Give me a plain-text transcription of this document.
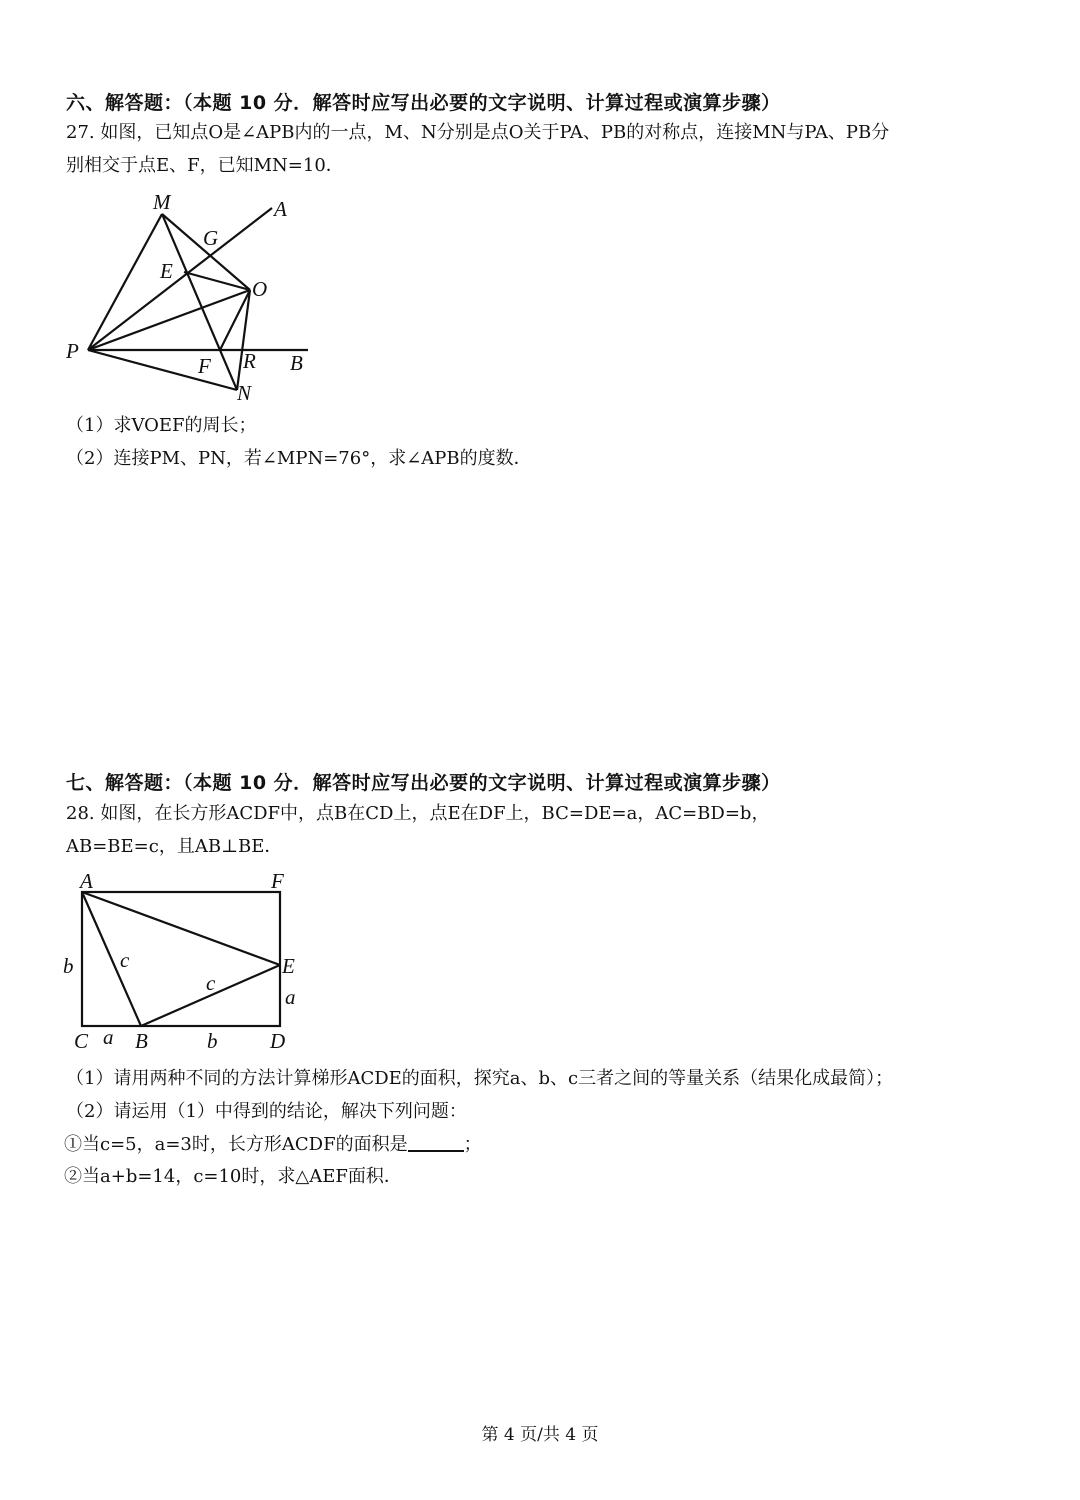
六、解答题：（本题 10 分．解答时应写出必要的文字说明、计算过程或演算步骤）
27. 如图，已知点O是∠APB内的一点，M、N分别是点O关于PA、PB的对称点，连接MN与PA、PB分
别相交于点E、F，已知MN=10．
M	A
G
E
O
P
F R B
N
（1）求VOEF的周长；
（2）连接PM、PN，若∠MPN=76°，求∠APB的度数．
七、解答题：（本题 10 分．解答时应写出必要的文字说明、计算过程或演算步骤）
28. 如图，在长方形ACDF中，点B在CD上，点E在DF上，BC=DE=a，AC=BD=b，
AB=BE=c，且AB⊥BE．
A	F
b c	E
c
a
C a B	b	D
（1）请用两种不同的方法计算梯形ACDE的面积，探究a、b、c三者之间的等量关系（结果化成最简）；
（2）请运用（1）中得到的结论，解决下列问题：
①当c=5，a=3时，长方形ACDF的面积是	；
②当a+b=14，c=10时，求△AEF面积．
第 4 页/共 4 页
